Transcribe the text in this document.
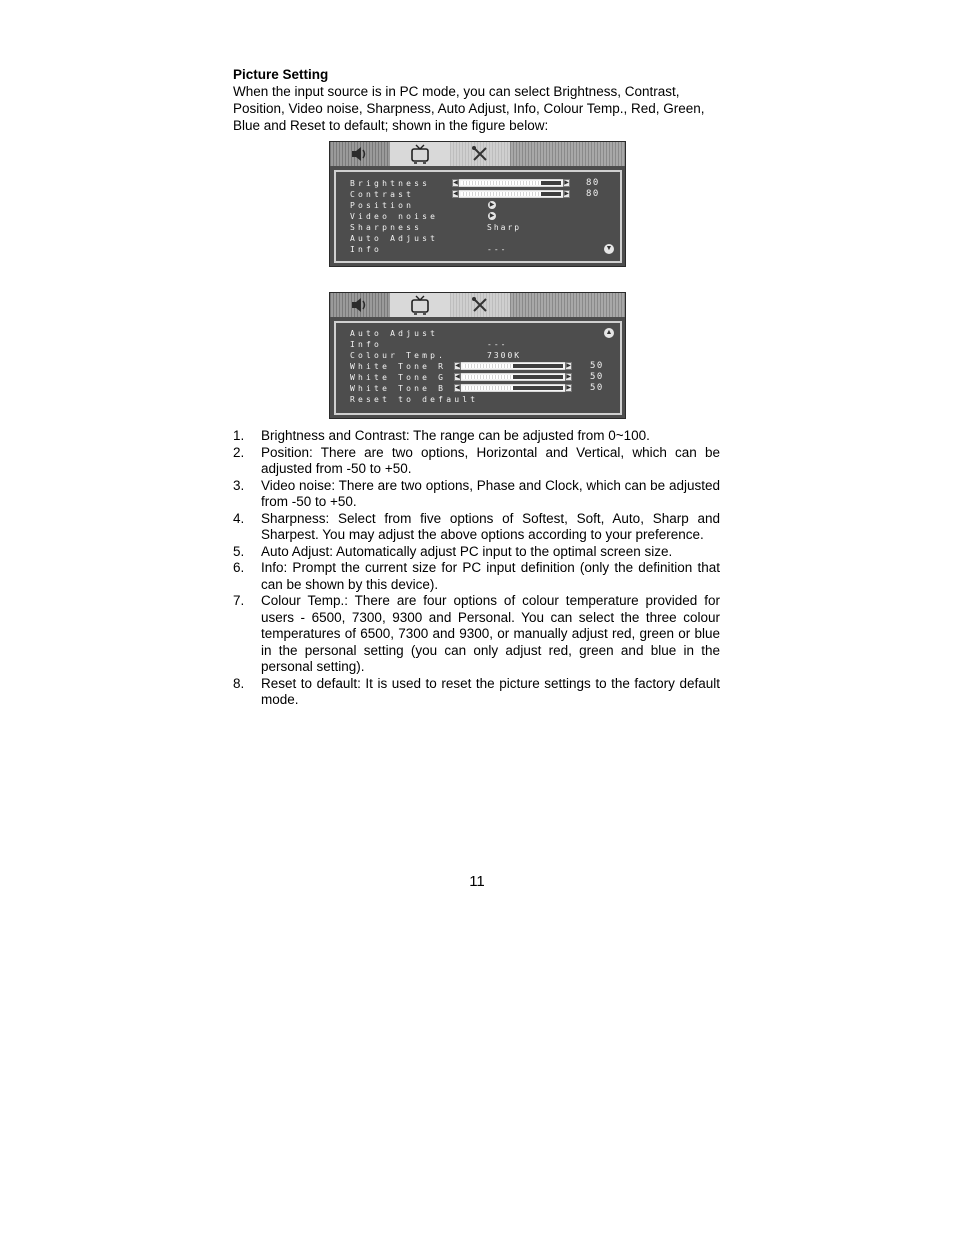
Picture Setting
When the input source is in PC mode, you can select Brightness, Contrast, Position, Video noise, Sharpness, Auto Adjust, Info, Colour Temp., Red, Green, Blue and Reset to default; shown in the figure below:
Brightness	◀	▶ 80
Contrast	◀	▶ 80
Position	▶
Video noise	▶
Sharpness	Sharp
Auto Adjust
Info	---	▼
▲
Auto Adjust
Info	---
Colour Temp.	7300K
White Tone R ◀	▶ 50
White Tone G ◀	▶ 50
White Tone B ◀	▶ 50
Reset to default
1. Brightness and Contrast: The range can be adjusted from 0~100.
2. Position: There are two options, Horizontal and Vertical, which can be adjusted from -50 to +50.
3. Video noise: There are two options, Phase and Clock, which can be adjusted from -50 to +50.
4. Sharpness: Select from five options of Softest, Soft, Auto, Sharp and Sharpest. You may adjust the above options according to your preference.
5. Auto Adjust: Automatically adjust PC input to the optimal screen size.
6. Info: Prompt the current size for PC input definition (only the definition that can be shown by this device).
7. Colour Temp.: There are four options of colour temperature provided for users - 6500, 7300, 9300 and Personal. You can select the three colour temperatures of 6500, 7300 and 9300, or manually adjust red, green or blue in the personal setting (you can only adjust red, green and blue in the personal setting).
8. Reset to default: It is used to reset the picture settings to the factory default mode.
11
